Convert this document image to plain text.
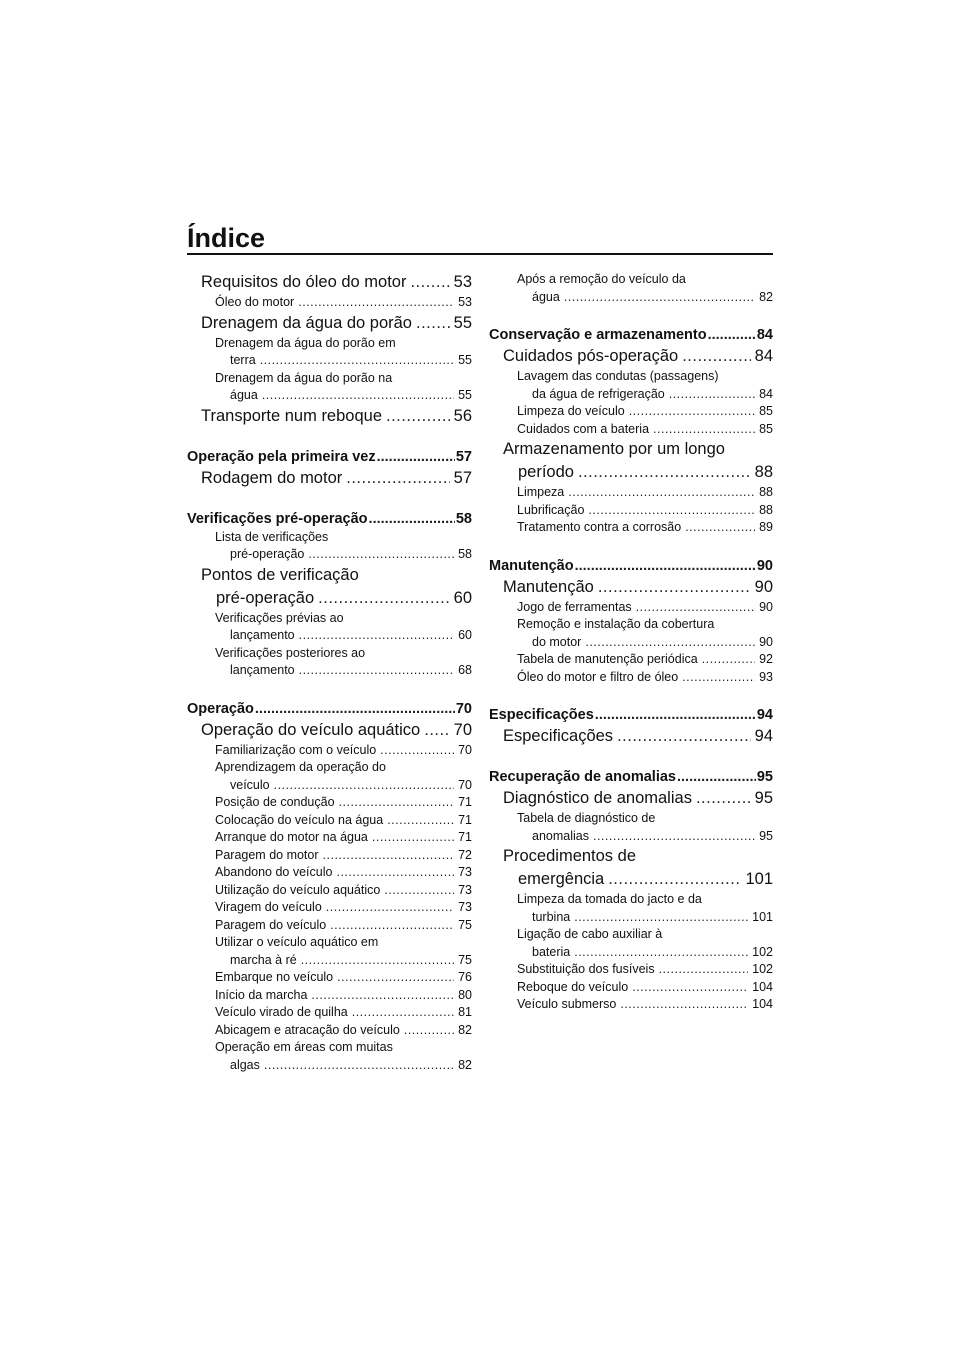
Índice
Requisitos do óleo do motor .....	53
Óleo do motor .....	53
Drenagem da água do porão .....	55
Drenagem da água do porão em
terra .....	55
Drenagem da água do porão na
água .....	55
Transporte num reboque .....	56
Operação pela primeira vez .....	57
Rodagem do motor .....	57
Verificações pré-operação .....	58
Lista de verificações
pré-operação .....	58
Pontos de verificação
pré-operação .....	60
Verificações prévias ao
lançamento .....	60
Verificações posteriores ao
lançamento .....	68
Operação .....	70
Operação do veículo aquático ..... 70
Familiarização com o veículo .....	70
Aprendizagem da operação do
veículo .....	70
Posição de condução .....	71
Colocação do veículo na água .....	71
Arranque do motor na água .....	71
Paragem do motor .....	72
Abandono do veículo .....	73
Utilização do veículo aquático .....	73
Viragem do veículo .....	73
Paragem do veículo .....	75
Utilizar o veículo aquático em
marcha à ré .....	75
Embarque no veículo .....	76
Início da marcha .....	80
Veículo virado de quilha .....	81
Abicagem e atracação do veículo .....	82
Operação em áreas com muitas
algas .....	82
Após a remoção do veículo da
água .....	82
Conservação e armazenamento .....	84
Cuidados pós-operação .....	84
Lavagem das condutas (passagens)
da água de refrigeração .....	84
Limpeza do veículo .....	85
Cuidados com a bateria .....	85
Armazenamento por um longo
período .....	88
Limpeza .....	88
Lubrificação .....	88
Tratamento contra a corrosão .....	89
Manutenção .....	90
Manutenção .....	90
Jogo de ferramentas .....	90
Remoção e instalação da cobertura
do motor .....	90
Tabela de manutenção periódica .....	92
Óleo do motor e filtro de óleo .....	93
Especificações .....	94
Especificações .....	94
Recuperação de anomalias .....	95
Diagnóstico de anomalias .....	95
Tabela de diagnóstico de
anomalias .....	95
Procedimentos de
emergência .....	101
Limpeza da tomada do jacto e da
turbina .....	101
Ligação de cabo auxiliar à
bateria .....	102
Substituição dos fusíveis .....	102
Reboque do veículo .....	104
Veículo submerso .....	104
